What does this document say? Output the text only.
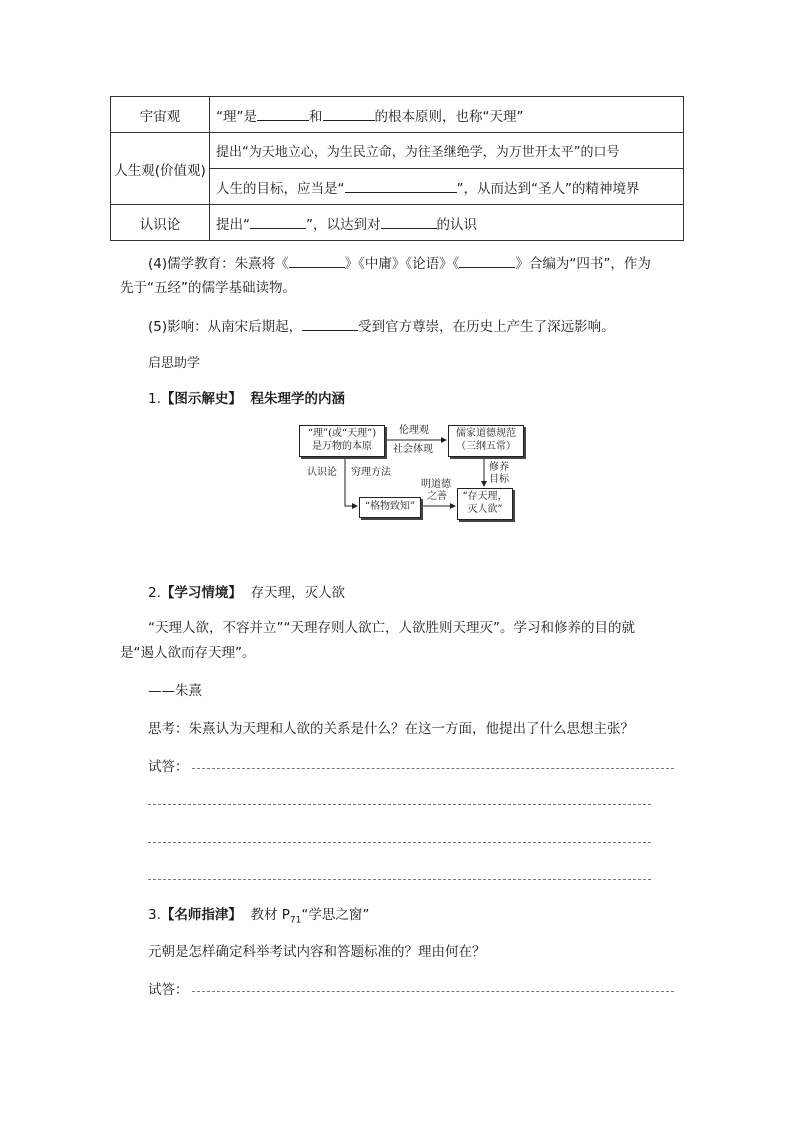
宇宙观	“理”是 和 的根本原则，也称“天理”
人生观(价值观)	提出“为天地立心，为生民立命，为往圣继绝学，为万世开太平”的口号
	人生的目标，应当是“ ”，从而达到“圣人”的精神境界
认识论	提出“ ”，以达到对 的认识
(4)儒学教育：朱熹将《	》《中庸》《论语》《	》合编为“四书”，作为
先于“五经”的儒学基础读物。
(5)影响：从南宋后期起，	受到官方尊崇，在历史上产生了深远影响。
启思助学
1.【图示解史】 程朱理学的内涵
“理”(或“天理”)
是万物的本原
儒家道德规范
（三纲五常）
“格物致知”
“存天理，
灭人欲”
伦理观
社会体现
认识论 穷理方法
明道德
之善
修养
目标
2.【学习情境】 存天理，灭人欲
“天理人欲，不容并立”“天理存则人欲亡，人欲胜则天理灭”。学习和修养的目的就
是“遏人欲而存天理”。
——朱熹
思考：朱熹认为天理和人欲的关系是什么？在这一方面，他提出了什么思想主张？
试答：
3.【名师指津】 教材 $P_{71}“$学思之窗”
元朝是怎样确定科举考试内容和答题标准的？理由何在？
试答：
